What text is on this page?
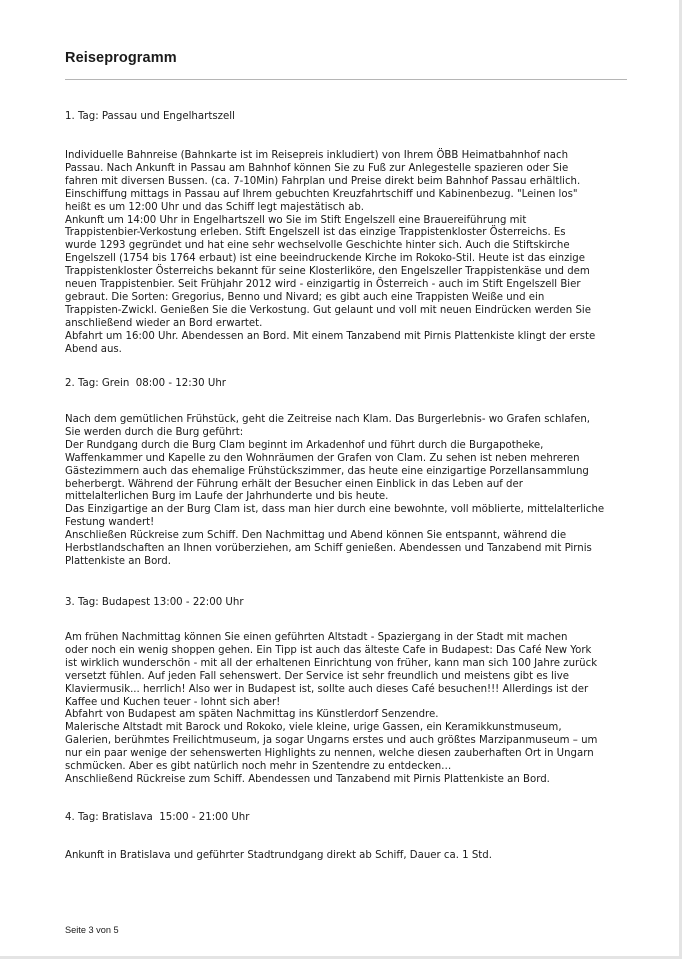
Reiseprogramm
1. Tag: Passau und Engelhartszell
Individuelle Bahnreise (Bahnkarte ist im Reisepreis inkludiert) von Ihrem ÖBB Heimatbahnhof nach
Passau. Nach Ankunft in Passau am Bahnhof können Sie zu Fuß zur Anlegestelle spazieren oder Sie
fahren mit diversen Bussen. (ca. 7-10Min) Fahrplan und Preise direkt beim Bahnhof Passau erhältlich.
Einschiffung mittags in Passau auf Ihrem gebuchten Kreuzfahrtschiff und Kabinenbezug. "Leinen los"
heißt es um 12:00 Uhr und das Schiff legt majestätisch ab.
Ankunft um 14:00 Uhr in Engelhartszell wo Sie im Stift Engelszell eine Brauereiführung mit
Trappistenbier-Verkostung erleben. Stift Engelszell ist das einzige Trappistenkloster Österreichs. Es
wurde 1293 gegründet und hat eine sehr wechselvolle Geschichte hinter sich. Auch die Stiftskirche
Engelszell (1754 bis 1764 erbaut) ist eine beeindruckende Kirche im Rokoko-Stil. Heute ist das einzige
Trappistenkloster Österreichs bekannt für seine Klosterliköre, den Engelszeller Trappistenkäse und dem
neuen Trappistenbier. Seit Frühjahr 2012 wird - einzigartig in Österreich - auch im Stift Engelszell Bier
gebraut. Die Sorten: Gregorius, Benno und Nivard; es gibt auch eine Trappisten Weiße und ein
Trappisten-Zwickl. Genießen Sie die Verkostung. Gut gelaunt und voll mit neuen Eindrücken werden Sie
anschließend wieder an Bord erwartet.
Abfahrt um 16:00 Uhr. Abendessen an Bord. Mit einem Tanzabend mit Pirnis Plattenkiste klingt der erste
Abend aus.
2. Tag: Grein  08:00 - 12:30 Uhr
Nach dem gemütlichen Frühstück, geht die Zeitreise nach Klam. Das Burgerlebnis- wo Grafen schlafen,
Sie werden durch die Burg geführt:
Der Rundgang durch die Burg Clam beginnt im Arkadenhof und führt durch die Burgapotheke,
Waffenkammer und Kapelle zu den Wohnräumen der Grafen von Clam. Zu sehen ist neben mehreren
Gästezimmern auch das ehemalige Frühstückszimmer, das heute eine einzigartige Porzellansammlung
beherbergt. Während der Führung erhält der Besucher einen Einblick in das Leben auf der
mittelalterlichen Burg im Laufe der Jahrhunderte und bis heute.
Das Einzigartige an der Burg Clam ist, dass man hier durch eine bewohnte, voll möblierte, mittelalterliche
Festung wandert!
Anschließen Rückreise zum Schiff. Den Nachmittag und Abend können Sie entspannt, während die
Herbstlandschaften an Ihnen vorüberziehen, am Schiff genießen. Abendessen und Tanzabend mit Pirnis
Plattenkiste an Bord.
3. Tag: Budapest 13:00 - 22:00 Uhr
Am frühen Nachmittag können Sie einen geführten Altstadt - Spaziergang in der Stadt mit machen
oder noch ein wenig shoppen gehen. Ein Tipp ist auch das älteste Cafe in Budapest: Das Café New York
ist wirklich wunderschön - mit all der erhaltenen Einrichtung von früher, kann man sich 100 Jahre zurück
versetzt fühlen. Auf jeden Fall sehenswert. Der Service ist sehr freundlich und meistens gibt es live
Klaviermusik... herrlich! Also wer in Budapest ist, sollte auch dieses Café besuchen!!! Allerdings ist der
Kaffee und Kuchen teuer - lohnt sich aber!
Abfahrt von Budapest am späten Nachmittag ins Künstlerdorf Senzendre.
Malerische Altstadt mit Barock und Rokoko, viele kleine, urige Gassen, ein Keramikkunstmuseum,
Galerien, berühmtes Freilichtmuseum, ja sogar Ungarns erstes und auch größtes Marzipanmuseum – um
nur ein paar wenige der sehenswerten Highlights zu nennen, welche diesen zauberhaften Ort in Ungarn
schmücken. Aber es gibt natürlich noch mehr in Szentendre zu entdecken…
Anschließend Rückreise zum Schiff. Abendessen und Tanzabend mit Pirnis Plattenkiste an Bord.
4. Tag: Bratislava  15:00 - 21:00 Uhr
Ankunft in Bratislava und geführter Stadtrundgang direkt ab Schiff, Dauer ca. 1 Std.
Seite 3 von 5
